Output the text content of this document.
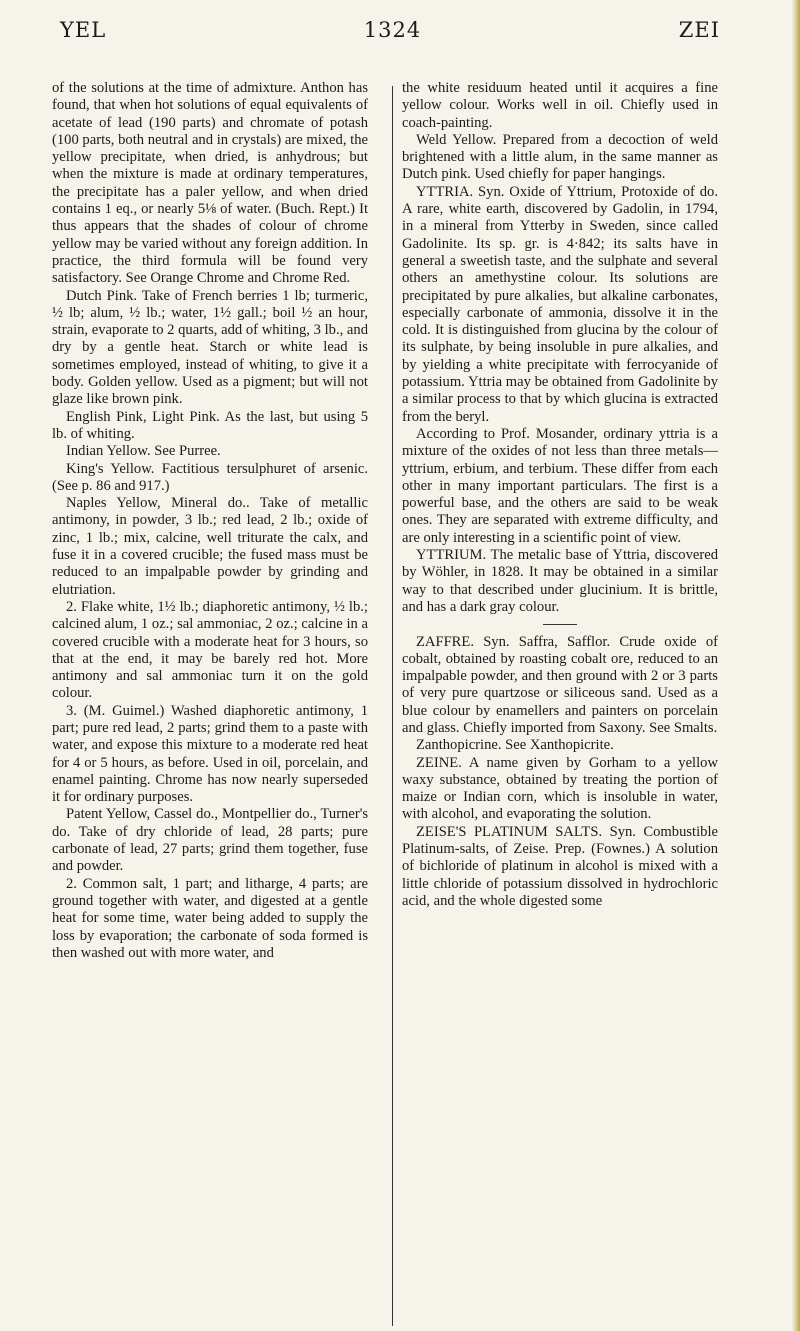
YEL	1324	ZEI

of the solutions at the time of admixture. Anthon has found, that when hot solutions of equal equivalents of acetate of lead (190 parts) and chromate of potash (100 parts, both neutral and in crystals) are mixed, the yellow precipitate, when dried, is anhydrous; but when the mixture is made at ordinary temperatures, the precipitate has a paler yellow, and when dried contains 1 eq., or nearly 5⅛ of water. (Buch. Rept.) It thus appears that the shades of colour of chrome yellow may be varied without any foreign addition. In practice, the third formula will be found very satisfactory. See Orange Chrome and Chrome Red.

Dutch Pink. Take of French berries 1 lb; turmeric, ½ lb; alum, ½ lb.; water, 1½ gall.; boil ½ an hour, strain, evaporate to 2 quarts, add of whiting, 3 lb., and dry by a gentle heat. Starch or white lead is sometimes employed, instead of whiting, to give it a body. Golden yellow. Used as a pigment; but will not glaze like brown pink.

English Pink, Light Pink. As the last, but using 5 lb. of whiting.

Indian Yellow. See Purree.

King's Yellow. Factitious tersulphuret of arsenic. (See p. 86 and 917.)

Naples Yellow, Mineral do.. Take of metallic antimony, in powder, 3 lb.; red lead, 2 lb.; oxide of zinc, 1 lb.; mix, calcine, well triturate the calx, and fuse it in a covered crucible; the fused mass must be reduced to an impalpable powder by grinding and elutriation.

2. Flake white, 1½ lb.; diaphoretic antimony, ½ lb.; calcined alum, 1 oz.; sal ammoniac, 2 oz.; calcine in a covered crucible with a moderate heat for 3 hours, so that at the end, it may be barely red hot. More antimony and sal ammoniac turn it on the gold colour.

3. (M. Guimel.) Washed diaphoretic antimony, 1 part; pure red lead, 2 parts; grind them to a paste with water, and expose this mixture to a moderate red heat for 4 or 5 hours, as before. Used in oil, porcelain, and enamel painting. Chrome has now nearly superseded it for ordinary purposes.

Patent Yellow, Cassel do., Montpellier do., Turner's do. Take of dry chloride of lead, 28 parts; pure carbonate of lead, 27 parts; grind them together, fuse and powder.

2. Common salt, 1 part; and litharge, 4 parts; are ground together with water, and digested at a gentle heat for some time, water being added to supply the loss by evaporation; the carbonate of soda formed is then washed out with more water, and

the white residuum heated until it acquires a fine yellow colour. Works well in oil. Chiefly used in coach-painting.

Weld Yellow. Prepared from a decoction of weld brightened with a little alum, in the same manner as Dutch pink. Used chiefly for paper hangings.

YTTRIA. Syn. Oxide of Yttrium, Protoxide of do. A rare, white earth, discovered by Gadolin, in 1794, in a mineral from Ytterby in Sweden, since called Gadolinite. Its sp. gr. is 4·842; its salts have in general a sweetish taste, and the sulphate and several others an amethystine colour. Its solutions are precipitated by pure alkalies, but alkaline carbonates, especially carbonate of ammonia, dissolve it in the cold. It is distinguished from glucina by the colour of its sulphate, by being insoluble in pure alkalies, and by yielding a white precipitate with ferrocyanide of potassium. Yttria may be obtained from Gadolinite by a similar process to that by which glucina is extracted from the beryl.

According to Prof. Mosander, ordinary yttria is a mixture of the oxides of not less than three metals—yttrium, erbium, and terbium. These differ from each other in many important particulars. The first is a powerful base, and the others are said to be weak ones. They are separated with extreme difficulty, and are only interesting in a scientific point of view.

YTTRIUM. The metalic base of Yttria, discovered by Wöhler, in 1828. It may be obtained in a similar way to that described under glucinium. It is brittle, and has a dark gray colour.

ZAFFRE. Syn. Saffra, Safflor. Crude oxide of cobalt, obtained by roasting cobalt ore, reduced to an impalpable powder, and then ground with 2 or 3 parts of very pure quartzose or siliceous sand. Used as a blue colour by enamellers and painters on porcelain and glass. Chiefly imported from Saxony. See Smalts.

Zanthopicrine. See Xanthopicrite.

ZEINE. A name given by Gorham to a yellow waxy substance, obtained by treating the portion of maize or Indian corn, which is insoluble in water, with alcohol, and evaporating the solution.

ZEISE'S PLATINUM SALTS. Syn. Combustible Platinum-salts, of Zeise. Prep. (Fownes.) A solution of bichloride of platinum in alcohol is mixed with a little chloride of potassium dissolved in hydrochloric acid, and the whole digested some
